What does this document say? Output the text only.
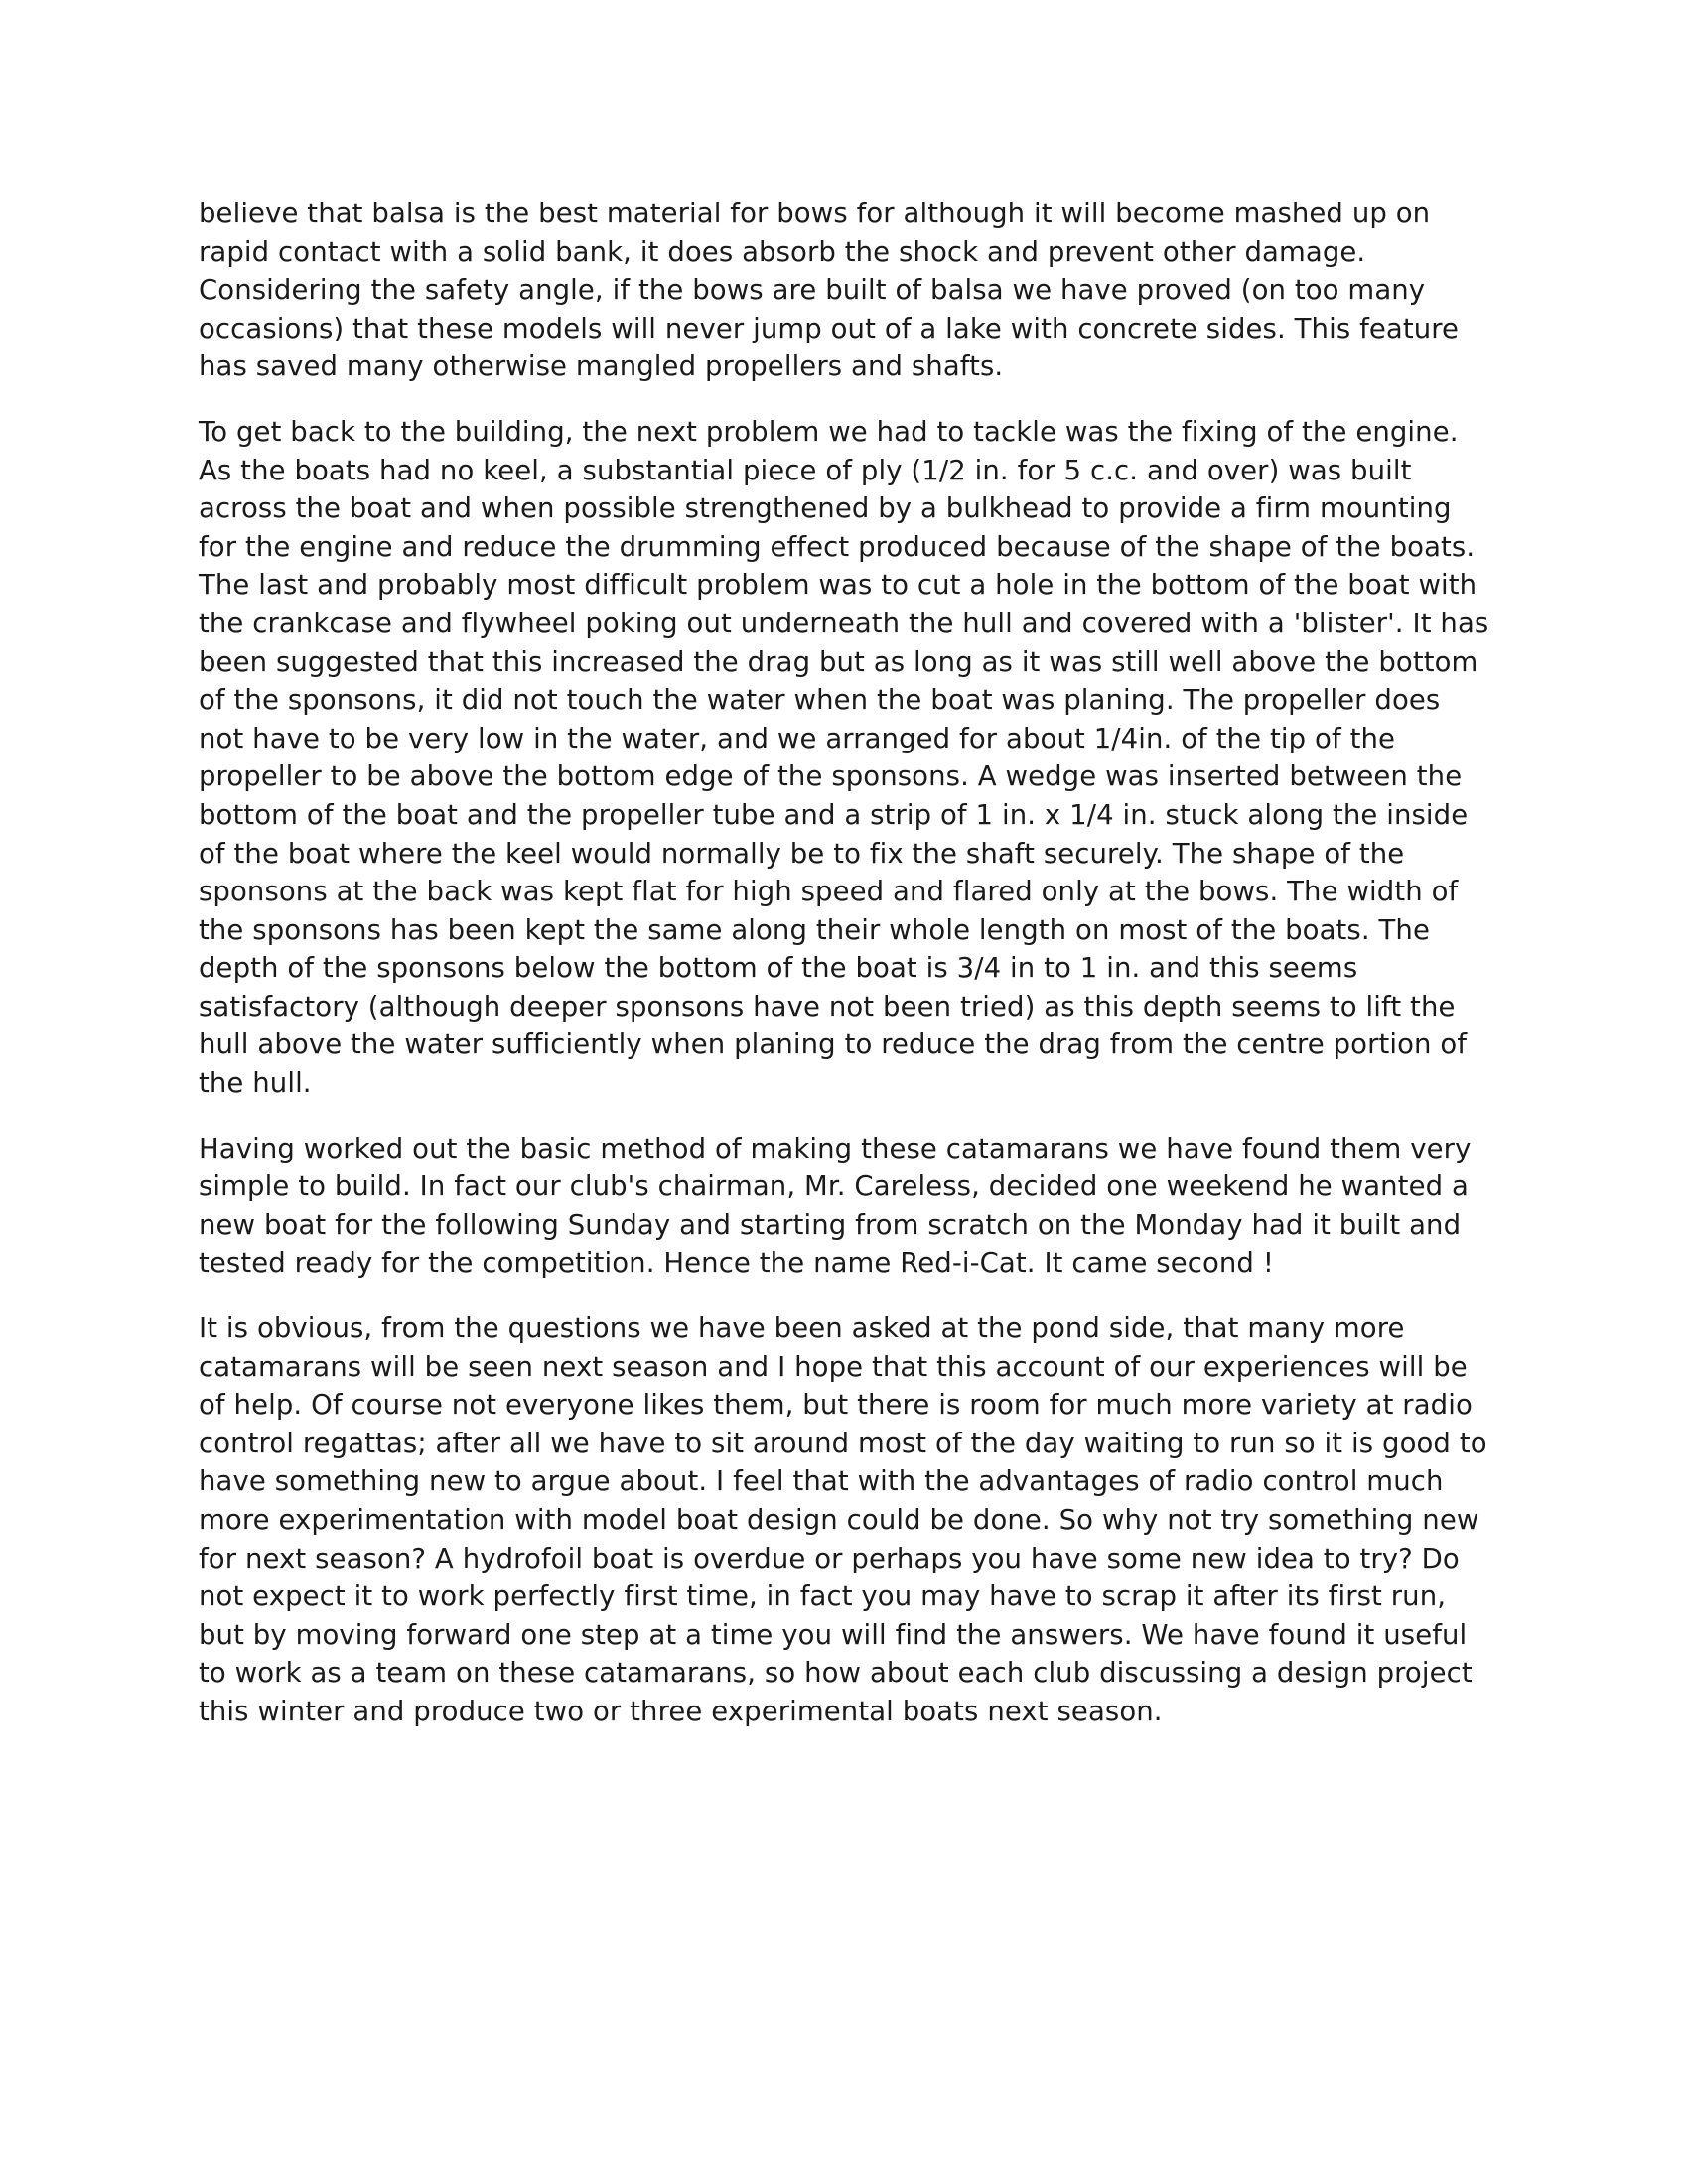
believe that balsa is the best material for bows for although it will become mashed up on rapid contact with a solid bank, it does absorb the shock and prevent other damage. Considering the safety angle, if the bows are built of balsa we have proved (on too many occasions) that these models will never jump out of a lake with concrete sides. This feature has saved many otherwise mangled propellers and shafts.

To get back to the building, the next problem we had to tackle was the fixing of the engine. As the boats had no keel, a substantial piece of ply (1/2 in. for 5 c.c. and over) was built across the boat and when possible strengthened by a bulkhead to provide a firm mounting for the engine and reduce the drumming effect produced because of the shape of the boats. The last and probably most difficult problem was to cut a hole in the bottom of the boat with the crankcase and flywheel poking out underneath the hull and covered with a 'blister'. It has been suggested that this increased the drag but as long as it was still well above the bottom of the sponsons, it did not touch the water when the boat was planing. The propeller does not have to be very low in the water, and we arranged for about 1/4in. of the tip of the propeller to be above the bottom edge of the sponsons. A wedge was inserted between the bottom of the boat and the propeller tube and a strip of 1 in. x 1/4 in. stuck along the inside of the boat where the keel would normally be to fix the shaft securely. The shape of the sponsons at the back was kept flat for high speed and flared only at the bows. The width of the sponsons has been kept the same along their whole length on most of the boats. The depth of the sponsons below the bottom of the boat is 3/4 in to 1 in. and this seems satisfactory (although deeper sponsons have not been tried) as this depth seems to lift the hull above the water sufficiently when planing to reduce the drag from the centre portion of the hull.

Having worked out the basic method of making these catamarans we have found them very simple to build. In fact our club's chairman, Mr. Careless, decided one weekend he wanted a new boat for the following Sunday and starting from scratch on the Monday had it built and tested ready for the competition. Hence the name Red-i-Cat. It came second !

It is obvious, from the questions we have been asked at the pond side, that many more catamarans will be seen next season and I hope that this account of our experiences will be of help. Of course not everyone likes them, but there is room for much more variety at radio control regattas; after all we have to sit around most of the day waiting to run so it is good to have something new to argue about. I feel that with the advantages of radio control much more experimentation with model boat design could be done. So why not try something new for next season? A hydrofoil boat is overdue or perhaps you have some new idea to try? Do not expect it to work perfectly first time, in fact you may have to scrap it after its first run, but by moving forward one step at a time you will find the answers. We have found it useful to work as a team on these catamarans, so how about each club discussing a design project this winter and produce two or three experimental boats next season.
